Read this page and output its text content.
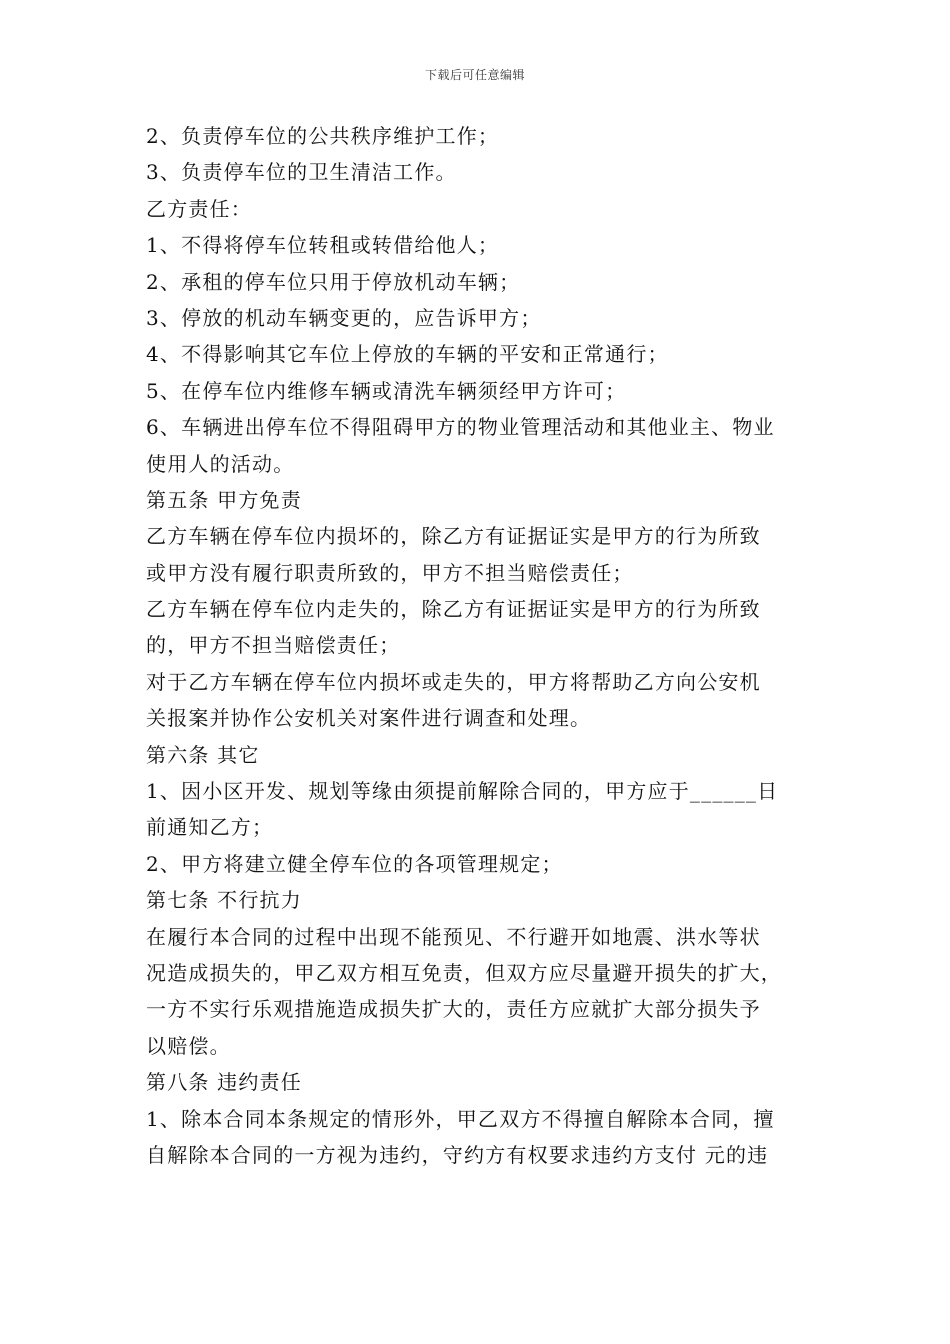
下载后可任意编辑
2、负责停车位的公共秩序维护工作；
3、负责停车位的卫生清洁工作。
乙方责任：
1、不得将停车位转租或转借给他人；
2、承租的停车位只用于停放机动车辆；
3、停放的机动车辆变更的，应告诉甲方；
4、不得影响其它车位上停放的车辆的平安和正常通行；
5、在停车位内维修车辆或清洗车辆须经甲方许可；
6、车辆进出停车位不得阻碍甲方的物业管理活动和其他业主、物业
使用人的活动。
第五条 甲方免责
乙方车辆在停车位内损坏的，除乙方有证据证实是甲方的行为所致
或甲方没有履行职责所致的，甲方不担当赔偿责任；
乙方车辆在停车位内走失的，除乙方有证据证实是甲方的行为所致
的，甲方不担当赔偿责任；
对于乙方车辆在停车位内损坏或走失的，甲方将帮助乙方向公安机
关报案并协作公安机关对案件进行调查和处理。
第六条 其它
1、因小区开发、规划等缘由须提前解除合同的，甲方应于______日
前通知乙方；
2、甲方将建立健全停车位的各项管理规定；
第七条 不行抗力
在履行本合同的过程中出现不能预见、不行避开如地震、洪水等状
况造成损失的，甲乙双方相互免责，但双方应尽量避开损失的扩大，
一方不实行乐观措施造成损失扩大的，责任方应就扩大部分损失予
以赔偿。
第八条 违约责任
1、除本合同本条规定的情形外，甲乙双方不得擅自解除本合同，擅
自解除本合同的一方视为违约，守约方有权要求违约方支付 元的违
